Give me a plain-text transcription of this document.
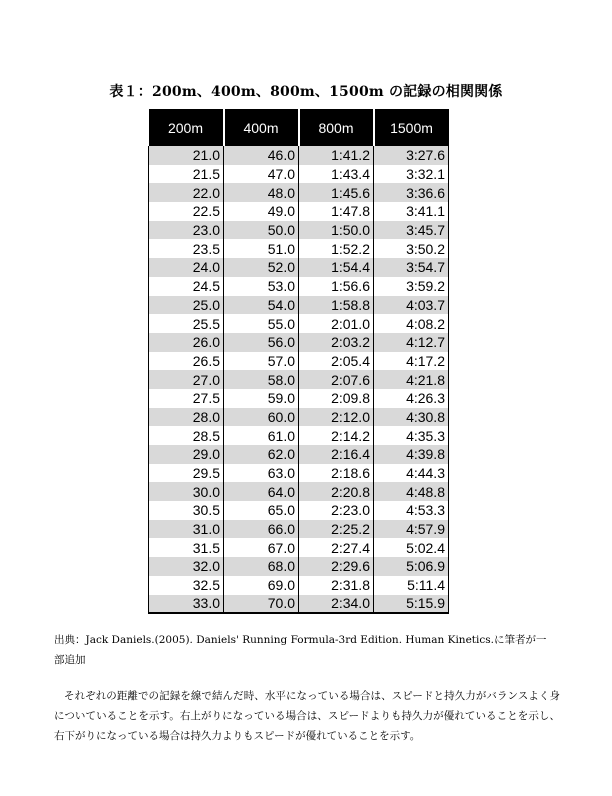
表１：200m、400m、800m、1500m の記録の相関関係
200m	400m	800m	1500m
21.0	46.0	1:41.2	3:27.6
21.5	47.0	1:43.4	3:32.1
22.0	48.0	1:45.6	3:36.6
22.5	49.0	1:47.8	3:41.1
23.0	50.0	1:50.0	3:45.7
23.5	51.0	1:52.2	3:50.2
24.0	52.0	1:54.4	3:54.7
24.5	53.0	1:56.6	3:59.2
25.0	54.0	1:58.8	4:03.7
25.5	55.0	2:01.0	4:08.2
26.0	56.0	2:03.2	4:12.7
26.5	57.0	2:05.4	4:17.2
27.0	58.0	2:07.6	4:21.8
27.5	59.0	2:09.8	4:26.3
28.0	60.0	2:12.0	4:30.8
28.5	61.0	2:14.2	4:35.3
29.0	62.0	2:16.4	4:39.8
29.5	63.0	2:18.6	4:44.3
30.0	64.0	2:20.8	4:48.8
30.5	65.0	2:23.0	4:53.3
31.0	66.0	2:25.2	4:57.9
31.5	67.0	2:27.4	5:02.4
32.0	68.0	2:29.6	5:06.9
32.5	69.0	2:31.8	5:11.4
33.0	70.0	2:34.0	5:15.9
出典：Jack Daniels.(2005). Daniels' Running Formula-3rd Edition. Human Kinetics.に筆者が一部追加
それぞれの距離での記録を線で結んだ時、水平になっている場合は、スピードと持久力がバランスよく身についていることを示す。右上がりになっている場合は、スピードよりも持久力が優れていることを示し、右下がりになっている場合は持久力よりもスピードが優れていることを示す。
